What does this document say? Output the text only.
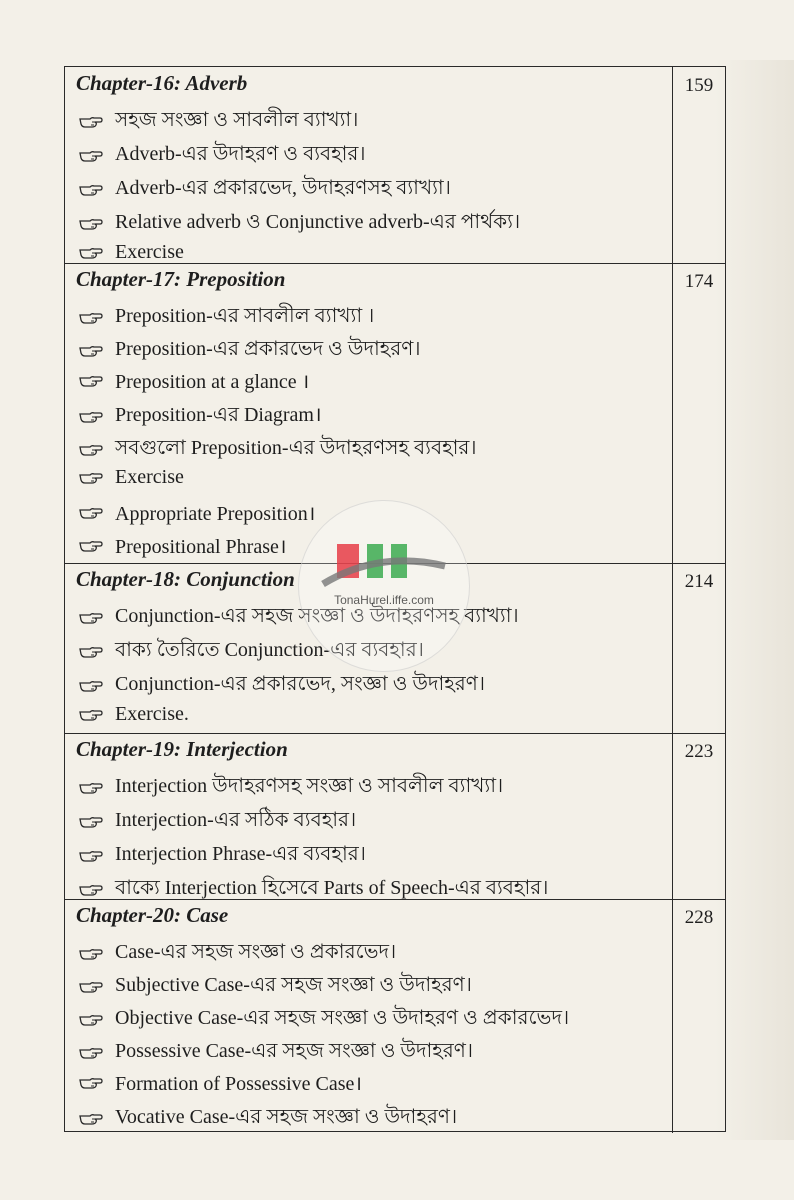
159
Chapter-16: Adverb
সহজ সংজ্ঞা ও সাবলীল ব্যাখ্যা।
Adverb-এর উদাহরণ ও ব্যবহার।
Adverb-এর প্রকারভেদ, উদাহরণসহ ব্যাখ্যা।
Relative adverb ও Conjunctive adverb-এর পার্থক্য।
Exercise
174
Chapter-17: Preposition
Preposition-এর সাবলীল ব্যাখ্যা ।
Preposition-এর প্রকারভেদ ও উদাহরণ।
Preposition at a glance ।
Preposition-এর Diagram।
সবগুলো Preposition-এর উদাহরণসহ ব্যবহার।
Exercise
Appropriate Preposition।
Prepositional Phrase।
214
Chapter-18: Conjunction
Conjunction-এর সহজ সংজ্ঞা ও উদাহরণসহ ব্যাখ্যা।
বাক্য তৈরিতে Conjunction-এর ব্যবহার।
Conjunction-এর প্রকারভেদ, সংজ্ঞা ও উদাহরণ।
Exercise.
223
Chapter-19: Interjection
Interjection উদাহরণসহ সংজ্ঞা ও সাবলীল ব্যাখ্যা।
Interjection-এর সঠিক ব্যবহার।
Interjection Phrase-এর ব্যবহার।
বাক্যে Interjection হিসেবে Parts of Speech-এর ব্যবহার।
228
Chapter-20: Case
Case-এর সহজ সংজ্ঞা ও প্রকারভেদ।
Subjective Case-এর সহজ সংজ্ঞা ও উদাহরণ।
Objective Case-এর সহজ সংজ্ঞা ও উদাহরণ ও প্রকারভেদ।
Possessive Case-এর সহজ সংজ্ঞা ও উদাহরণ।
Formation of Possessive Case।
Vocative Case-এর সহজ সংজ্ঞা ও উদাহরণ।
TonaHurel.iffe.com
